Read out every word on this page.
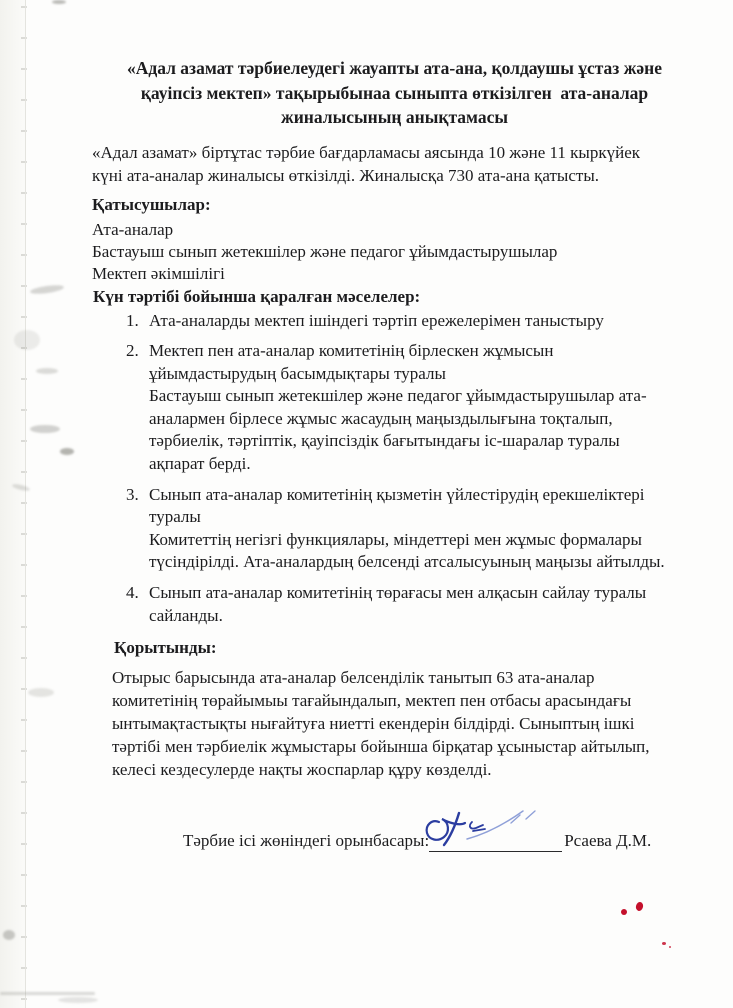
«Адал азамат тәрбиелеудегі жауапты ата-ана, қолдаушы ұстаз және
қауіпсіз мектеп» тақырыбынаа сыныпта өткізілген  ата-аналар
жиналысының анықтамасы
«Адал азамат» біртұтас тәрбие бағдарламасы аясында 10 және 11 кыркүйек
күні ата-аналар жиналысы өткізілді. Жиналысқа 730 ата-ана қатысты.
Қатысушылар:
Ата-аналар
Бастауыш сынып жетекшілер және педагог ұйымдастырушылар
Мектеп әкімшілігі
Күн тәртібі бойынша қаралған мәселелер:
1. Ата-аналарды мектеп ішіндегі тәртіп ережелерімен таныстыру
2. Мектеп пен ата-аналар комитетінің бірлескен жұмысын
ұйымдастырудың басымдықтары туралы
Бастауыш сынып жетекшілер және педагог ұйымдастырушылар ата-
аналармен бірлесе жұмыс жасаудың маңыздылығына тоқталып,
тәрбиелік, тәртіптік, қауіпсіздік бағытындағы іс-шаралар туралы
ақпарат берді.
3. Сынып ата-аналар комитетінің қызметін үйлестірудің ерекшеліктері
туралы
Комитеттің негізгі функциялары, міндеттері мен жұмыс формалары
түсіндірілді. Ата-аналардың белсенді атсалысуының маңызы айтылды.
4. Сынып ата-аналар комитетінің төрағасы мен алқасын сайлау туралы
сайланды.
Қорытынды:
Отырыс барысында ата-аналар белсенділік танытып 63 ата-аналар
комитетінің төрайымыы тағайындалып, мектеп пен отбасы арасындағы
ынтымақтастықты нығайтуға ниетті екендерін білдірді. Сыныптың ішкі
тәртібі мен тәрбиелік жұмыстары бойынша бірқатар ұсыныстар айтылып,
келесі кездесулерде нақты жоспарлар құру көзделді.
Тәрбие ісі жөніндегі орынбасары:	Рсаева Д.М.
